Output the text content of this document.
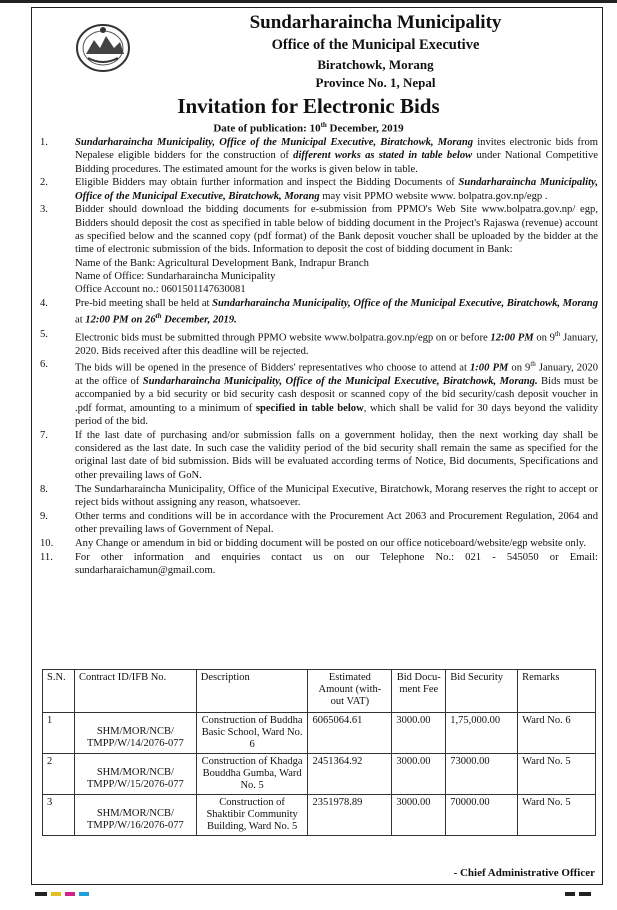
Sundarharaincha Municipality
Office of the Municipal Executive
Biratchowk, Morang
Province No. 1, Nepal
Invitation for Electronic Bids
Date of publication: 10th December, 2019
1.	Sundarharaincha Municipality, Office of the Municipal Executive, Biratchowk, Morang invites electronic bids from Nepalese eligible bidders for the construction of different works as stated in table below under National Competitive Bidding procedures. The estimated amount for the works is given below in table.
2.	Eligible Bidders may obtain further information and inspect the Bidding Documents of Sundarharaincha Municipality, Office of the Municipal Executive, Biratchowk, Morang may visit PPMO website www. bolpatra.gov.np/egp .
3.	Bidder should download the bidding documents for e-submission from PPMO's Web Site www.bolpatra.gov.np/ egp, Bidders should deposit the cost as specified in table below of bidding document in the Project's Rajaswa (revenue) account as specified below and the scanned copy (pdf format) of the Bank deposit voucher shall be uploaded by the bidder at the time of electronic submission of the bids. Information to deposit the cost of bidding document in Bank:
Name of the Bank: Agricultural Development Bank, Indrapur Branch
Name of Office: Sundarharaincha Municipality
Office Account no.: 0601501147630081
4.	Pre-bid meeting shall be held at Sundarharaincha Municipality, Office of the Municipal Executive, Biratchowk, Morang at 12:00 PM on 26th December, 2019.
5.	Electronic bids must be submitted through PPMO website www.bolpatra.gov.np/egp on or before 12:00 PM on 9th January, 2020. Bids received after this deadline will be rejected.
6.	The bids will be opened in the presence of Bidders' representatives who choose to attend at 1:00 PM on 9th January, 2020 at the office of Sundarharaincha Municipality, Office of the Municipal Executive, Biratchowk, Morang. Bids must be accompanied by a bid security or bid security cash desposit or scanned copy of the bid security/cash deposit voucher in .pdf format, amounting to a minimum of specified in table below, which shall be valid for 30 days beyond the validity period of the bid.
7.	If the last date of purchasing and/or submission falls on a government holiday, then the next working day shall be considered as the last date. In such case the validity period of the bid security shall remain the same as specified for the original last date of bid submission. Bids will be evaluated according terms of Notice, Bid documents, Specifications and other prevailing laws of GoN.
8.	The Sundarharaincha Municipality, Office of the Municipal Executive, Biratchowk, Morang reserves the right to accept or reject bids without assigning any reason, whatsoever.
9.	Other terms and conditions will be in accordance with the Procurement Act 2063 and Procurement Regulation, 2064 and other prevailing laws of Government of Nepal.
10. Any Change or amendum in bid or bidding document will be posted on our office noticeboard/website/egp website only.
11. For other information and enquiries contact us on our Telephone No.: 021 - 545050 or Email: sundarharaichamun@gmail.com.
S.N.	Contract ID/IFB No.	Description	Estimated Amount (with-out VAT)	Bid Docu-ment Fee	Bid Security	Remarks
1	SHM/MOR/NCB/ TMPP/W/14/2076-077	Construction of Buddha Basic School, Ward No. 6	6065064.61	3000.00	1,75,000.00	Ward No. 6
2	SHM/MOR/NCB/ TMPP/W/15/2076-077	Construction of Khadga Bouddha Gumba, Ward No. 5	2451364.92	3000.00	73000.00	Ward No. 5
3	SHM/MOR/NCB/ TMPP/W/16/2076-077	Construction of Shaktibir Community Building, Ward No. 5	2351978.89	3000.00	70000.00	Ward No. 5
- Chief Administrative Officer
